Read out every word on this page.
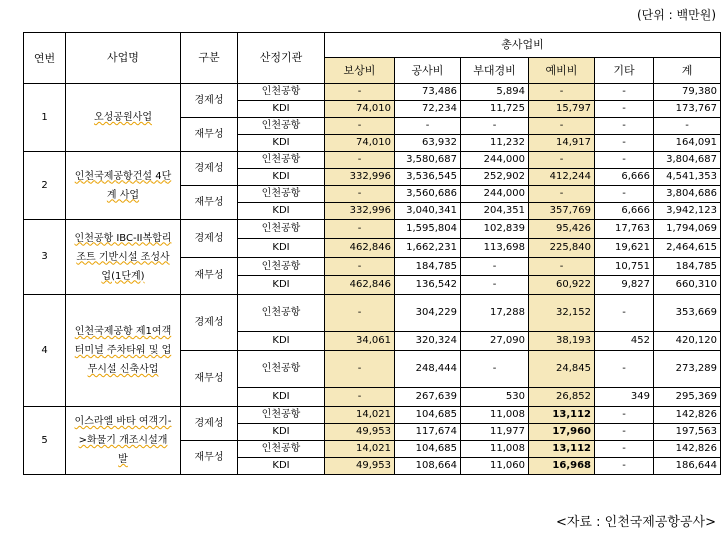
(단위 : 백만원)
연번	사업명	구분	산정기관	총사업비					
				보상비	공사비	부대경비	예비비	기타	계
1	오성공원사업	경제성	인천공항	-	73,486	5,894	-	-	79,380
			KDI	74,010	72,234	11,725	15,797	-	173,767
		재무성	인천공항	-	-	-	-	-	-
			KDI	74,010	63,932	11,232	14,917	-	164,091
2	인천국제공항건설 4단계 사업	경제성	인천공항	-	3,580,687	244,000	-	-	3,804,687
			KDI	332,996	3,536,545	252,902	412,244	6,666	4,541,353
		재무성	인천공항	-	3,560,686	244,000	-	-	3,804,686
			KDI	332,996	3,040,341	204,351	357,769	6,666	3,942,123
3	인천공항 IBC-II복합리조트 기반시설 조성사업(1단계)	경제성	인천공항	-	1,595,804	102,839	95,426	17,763	1,794,069
			KDI	462,846	1,662,231	113,698	225,840	19,621	2,464,615
		재무성	인천공항	-	184,785	-	-	10,751	184,785
			KDI	462,846	136,542	-	60,922	9,827	660,310
4	인천국제공항 제1여객터미널 주차타워 및 업무시설 신축사업	경제성	인천공항	-	304,229	17,288	32,152	-	353,669
			KDI	34,061	320,324	27,090	38,193	452	420,120
		재무성	인천공항	-	248,444	-	24,845	-	273,289
			KDI	-	267,639	530	26,852	349	295,369
5	이스라엘 바타 여객기->화물기 개조시설개발	경제성	인천공항	14,021	104,685	11,008	13,112	-	142,826
			KDI	49,953	117,674	11,977	17,960	-	197,563
		재무성	인천공항	14,021	104,685	11,008	13,112	-	142,826
			KDI	49,953	108,664	11,060	16,968	-	186,644
<자료 : 인천국제공항공사>
